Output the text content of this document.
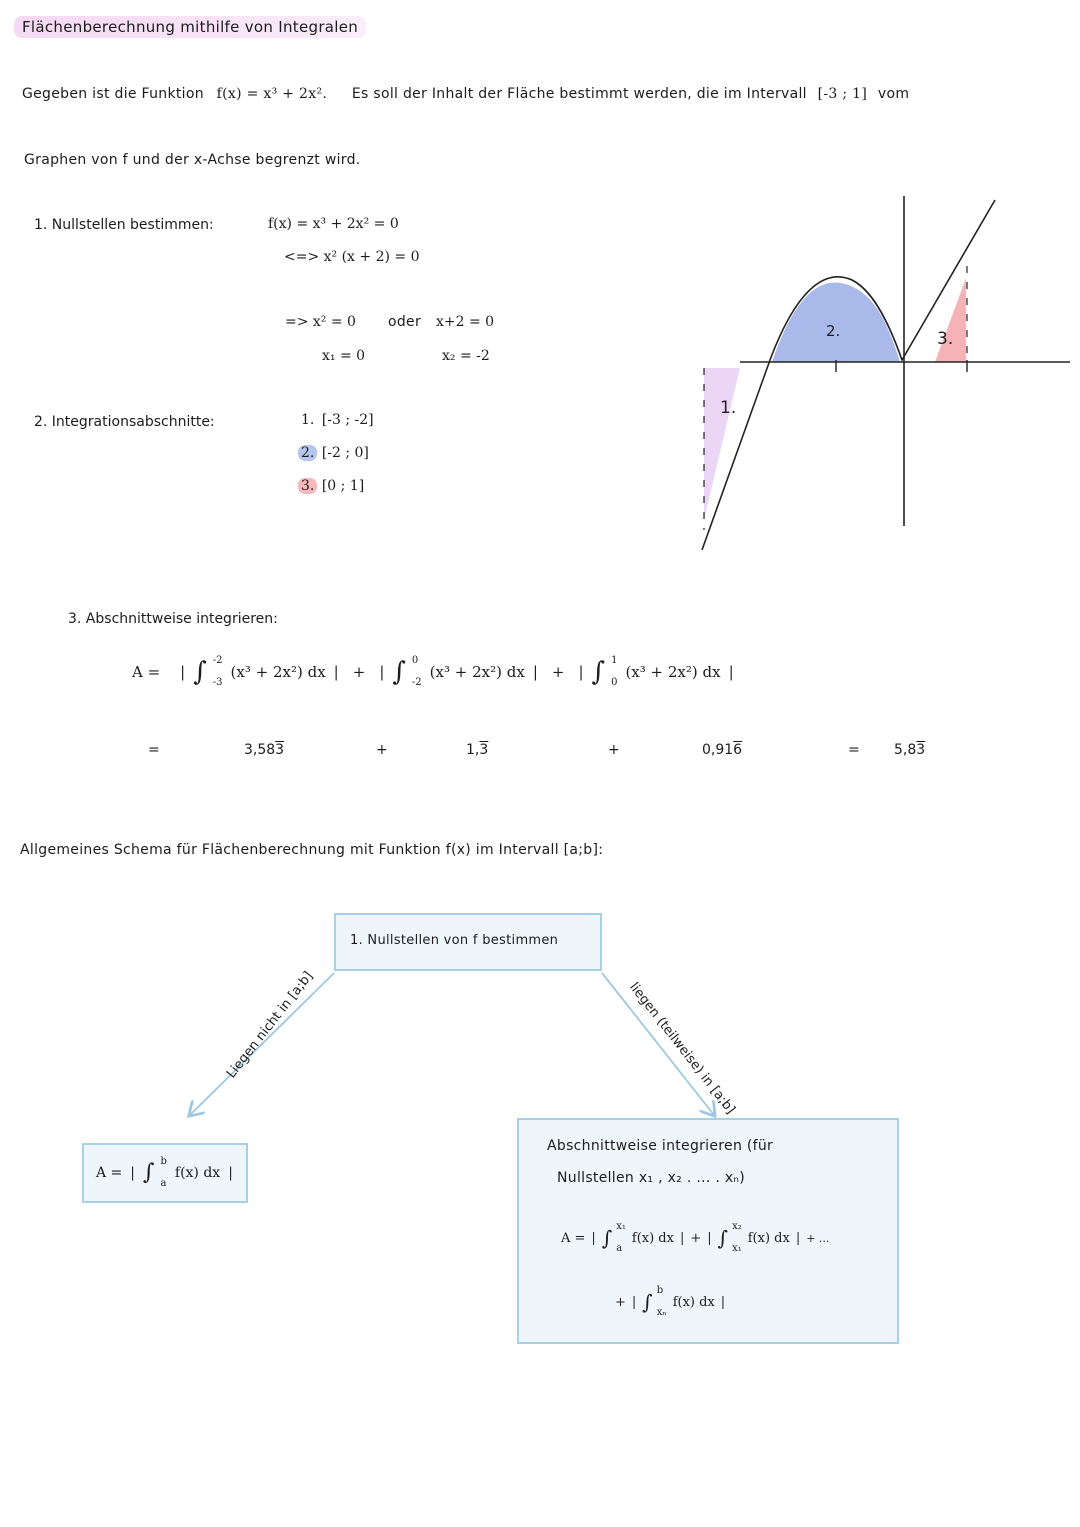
Flächenberechnung mithilfe von Integralen
Gegeben ist die Funktion f(x) = x³ + 2x². Es soll der Inhalt der Fläche bestimmt werden, die im Intervall [-3 ; 1] vom
Graphen von f und der x-Achse begrenzt wird.
1. Nullstellen bestimmen:	f(x) = x³ + 2x² = 0
<=> x² (x + 2) = 0
=> x² = 0 oder x+2 = 0
x₁ = 0	x₂ = -2
2. Integrationsabschnitte:	1. [-3 ; -2]
2. [-2 ; 0]
3. [0 ; 1]
1.
2.	3.
3. Abschnittweise integrieren:
A = | ∫ -2
-3
(x³ + 2x²) dx | + | ∫ 0
-2
(x³ + 2x²) dx | + | ∫ 1
0
(x³ + 2x²) dx |
=	3,583	+	1,3	+	0,916	= 5,83
Allgemeines Schema für Flächenberechnung mit Funktion f(x) im Intervall [a;b]:
1. Nullstellen von f bestimmen
Liegen nicht in [a;b]	liegen (teilweise) in [a;b]
A = | ∫ b
a
f(x) dx |
Abschnittweise integrieren (für
Nullstellen x₁ , x₂ . ... . xₙ)
A = | ∫ x₁
a
f(x) dx | + | ∫ x₂
x₁
f(x) dx | + ...
+ | ∫ b
xₙ
f(x) dx |
